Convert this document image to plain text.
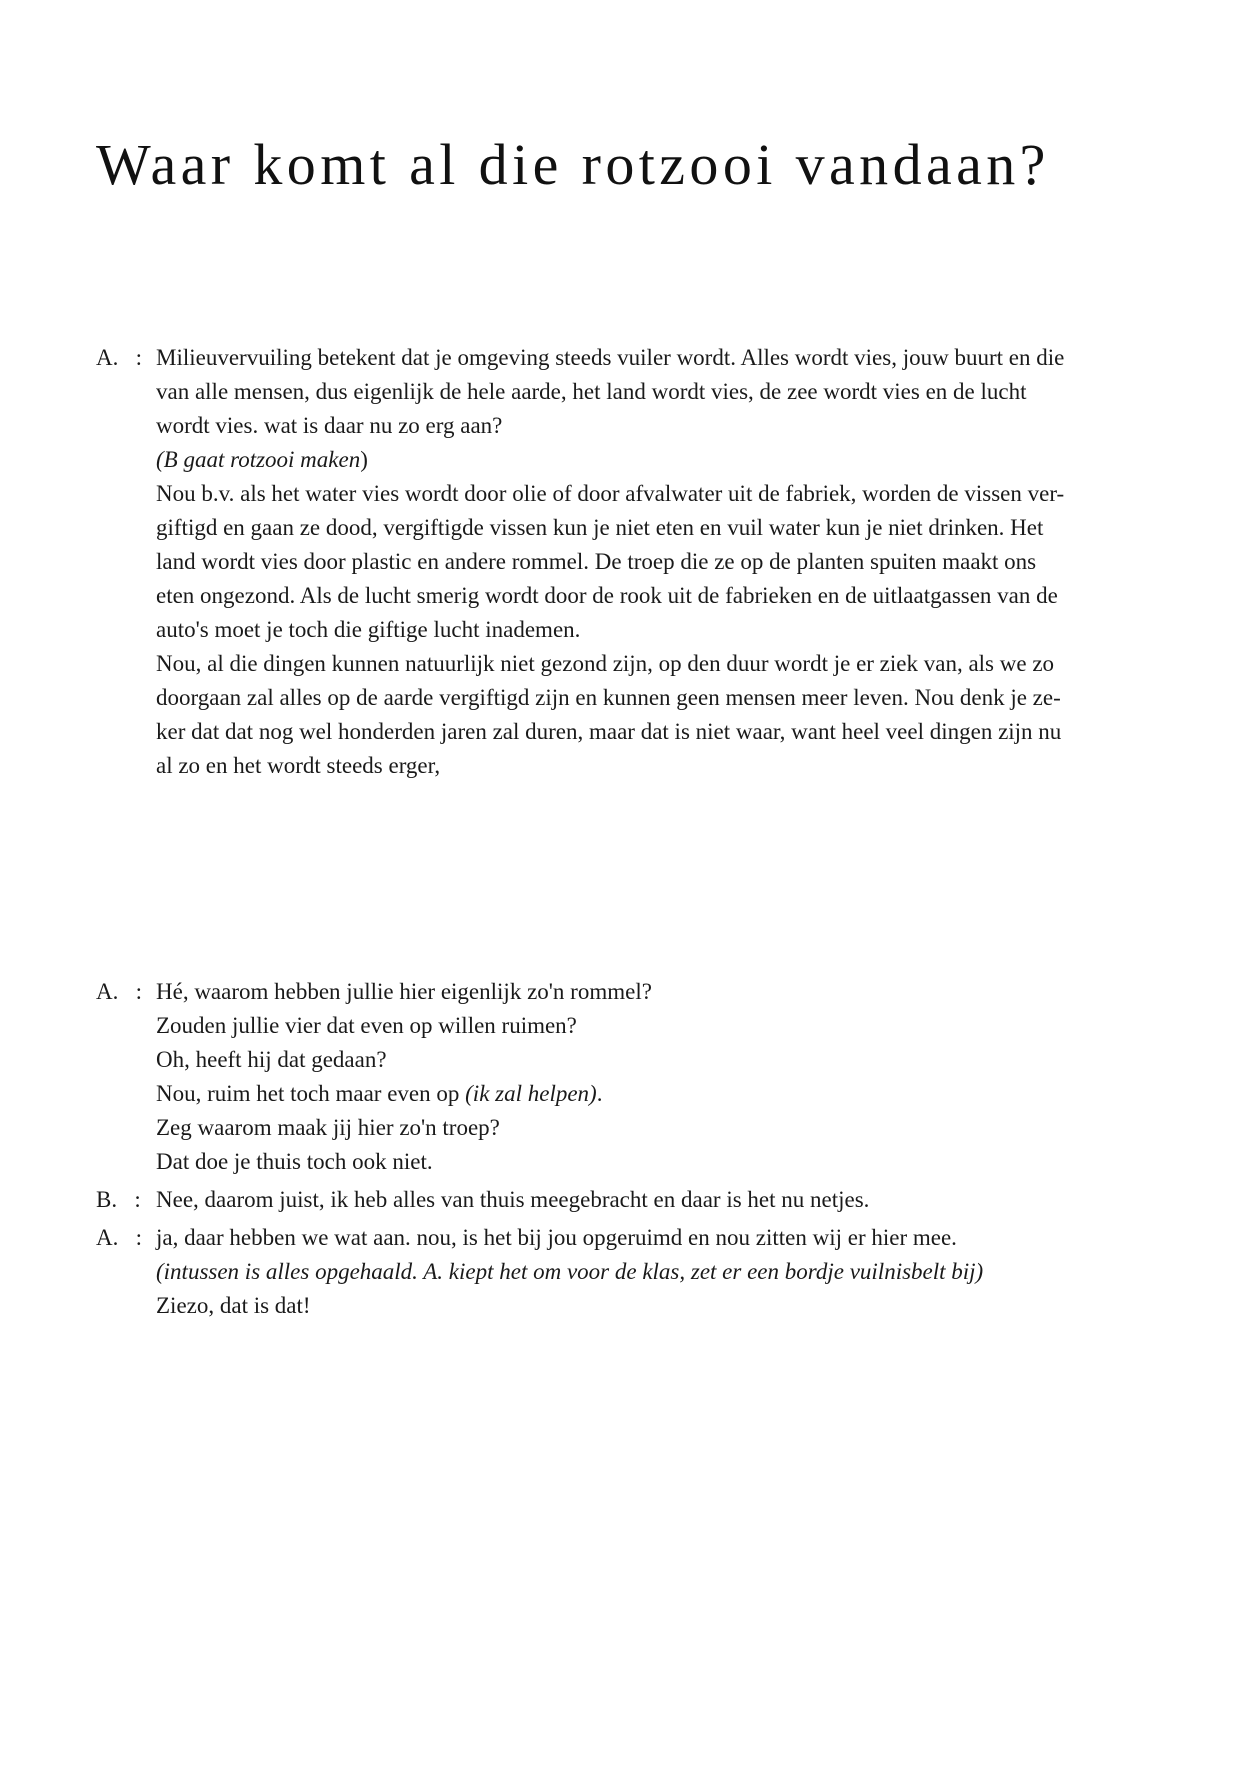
Waar komt al die rotzooi vandaan?
A.   : Milieuvervuiling betekent dat je omgeving steeds vuiler wordt. Alles wordt vies, jouw buurt en die
van alle mensen, dus eigenlijk de hele aarde, het land wordt vies, de zee wordt vies en de lucht
wordt vies. wat is daar nu zo erg aan?
(B gaat rotzooi maken)
Nou b.v. als het water vies wordt door olie of door afvalwater uit de fabriek, worden de vissen ver-
giftigd en gaan ze dood, vergiftigde vissen kun je niet eten en vuil water kun je niet drinken. Het
land wordt vies door plastic en andere rommel. De troep die ze op de planten spuiten maakt ons
eten ongezond. Als de lucht smerig wordt door de rook uit de fabrieken en de uitlaatgassen van de
auto's moet je toch die giftige lucht inademen.
Nou, al die dingen kunnen natuurlijk niet gezond zijn, op den duur wordt je er ziek van, als we zo
doorgaan zal alles op de aarde vergiftigd zijn en kunnen geen mensen meer leven. Nou denk je ze-
ker dat dat nog wel honderden jaren zal duren, maar dat is niet waar, want heel veel dingen zijn nu
al zo en het wordt steeds erger,
A.   : Hé, waarom hebben jullie hier eigenlijk zo'n rommel?
Zouden jullie vier dat even op willen ruimen?
Oh, heeft hij dat gedaan?
Nou, ruim het toch maar even op (ik zal helpen).
Zeg waarom maak jij hier zo'n troep?
Dat doe je thuis toch ook niet.
B.   : Nee, daarom juist, ik heb alles van thuis meegebracht en daar is het nu netjes.
A.   : ja, daar hebben we wat aan. nou, is het bij jou opgeruimd en nou zitten wij er hier mee.
(intussen is alles opgehaald. A. kiept het om voor de klas, zet er een bordje vuilnisbelt bij)
Ziezo, dat is dat!
